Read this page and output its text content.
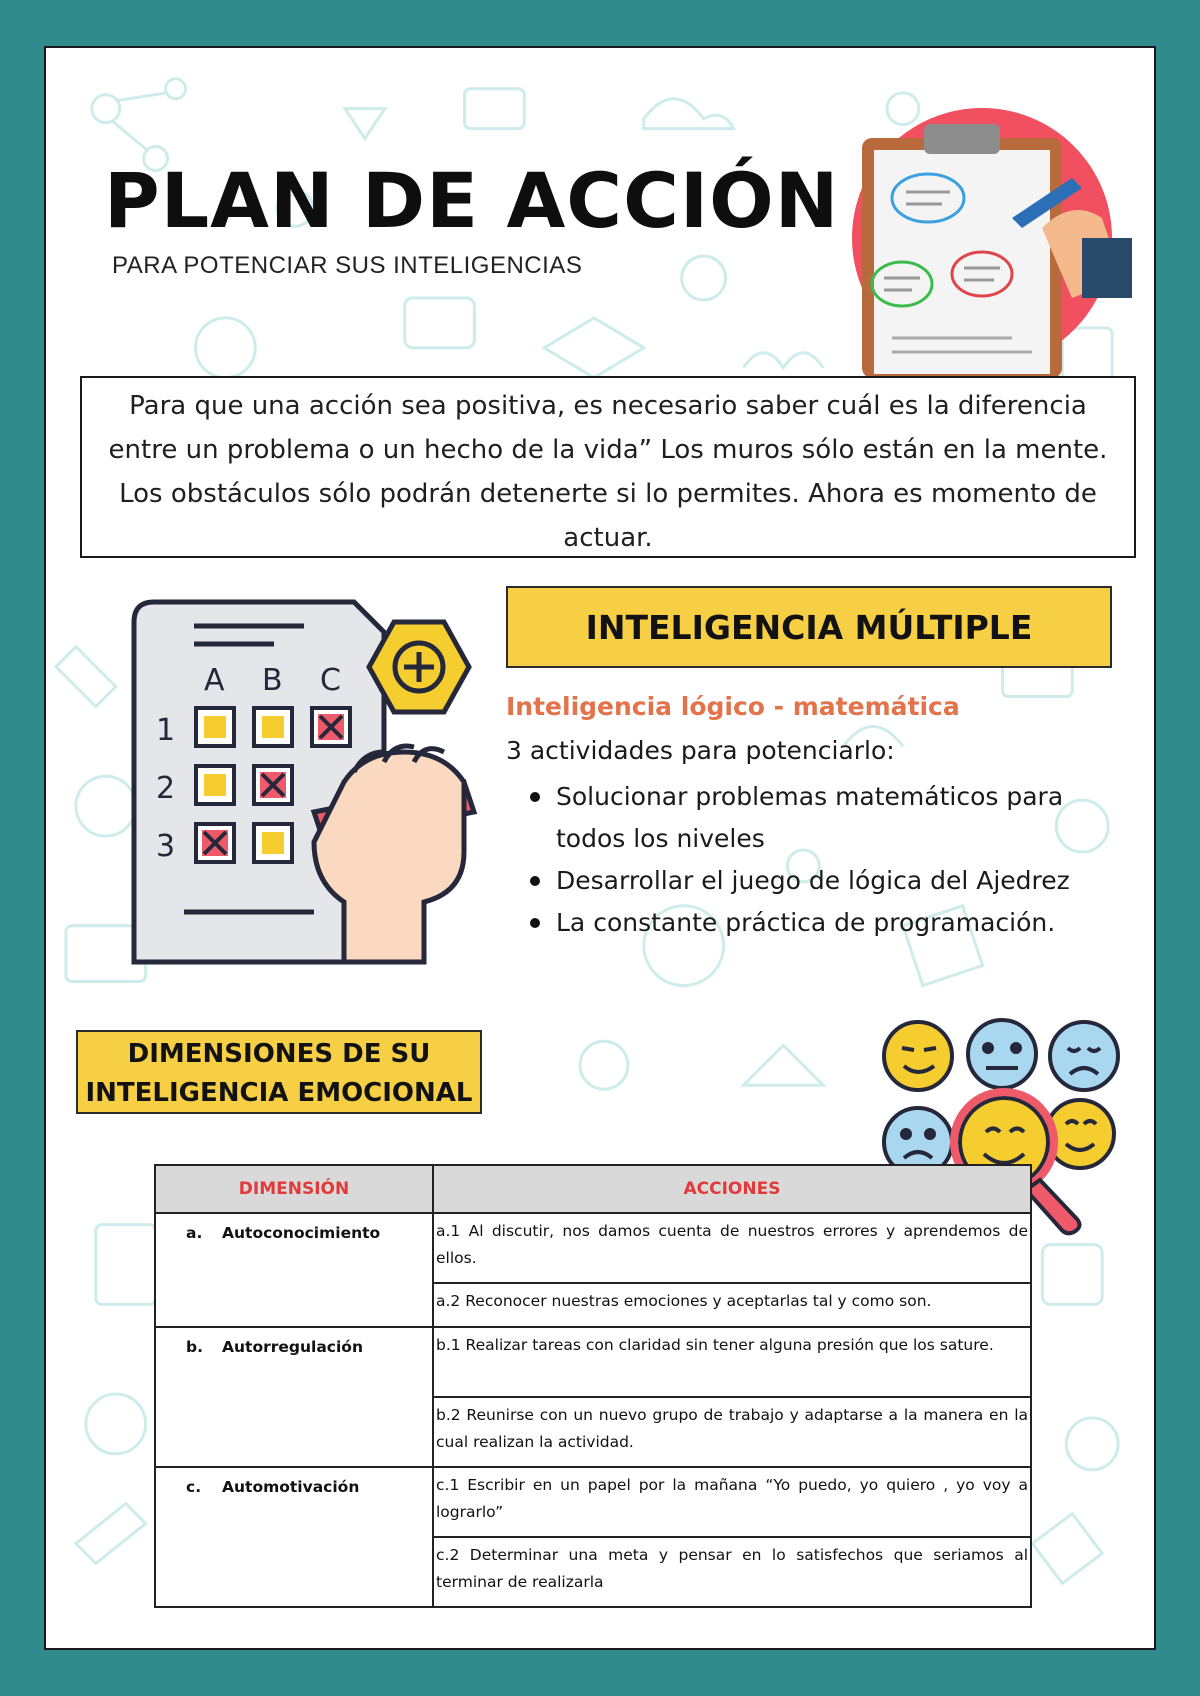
PLAN DE ACCIÓN
PARA POTENCIAR SUS INTELIGENCIAS
Para que una acción sea positiva, es necesario saber cuál es la diferencia entre un problema o un hecho de la vida” Los muros sólo están en la mente. Los obstáculos sólo podrán detenerte si lo permites. Ahora es momento de actuar.
A B C
1
2
3
INTELIGENCIA MÚLTIPLE
Inteligencia lógico - matemática
3 actividades para potenciarlo:
Solucionar problemas matemáticos para todos los niveles
Desarrollar el juego de lógica del Ajedrez
La constante práctica de programación.
DIMENSIONES DE SU
INTELIGENCIA EMOCIONAL
DIMENSIÓN	ACCIONES
a. Autoconocimiento	a.1 Al discutir, nos damos cuenta de nuestros errores y aprendemos de ellos.
	a.2 Reconocer nuestras emociones y aceptarlas tal y como son.
b. Autorregulación	b.1 Realizar tareas con claridad sin tener alguna presión que los sature.
	b.2 Reunirse con un nuevo grupo de trabajo y adaptarse a la manera en la cual realizan la actividad.
c. Automotivación	c.1 Escribir en un papel por la mañana “Yo puedo, yo quiero , yo voy a lograrlo”
	c.2 Determinar una meta y pensar en lo satisfechos que seriamos al terminar de realizarla
